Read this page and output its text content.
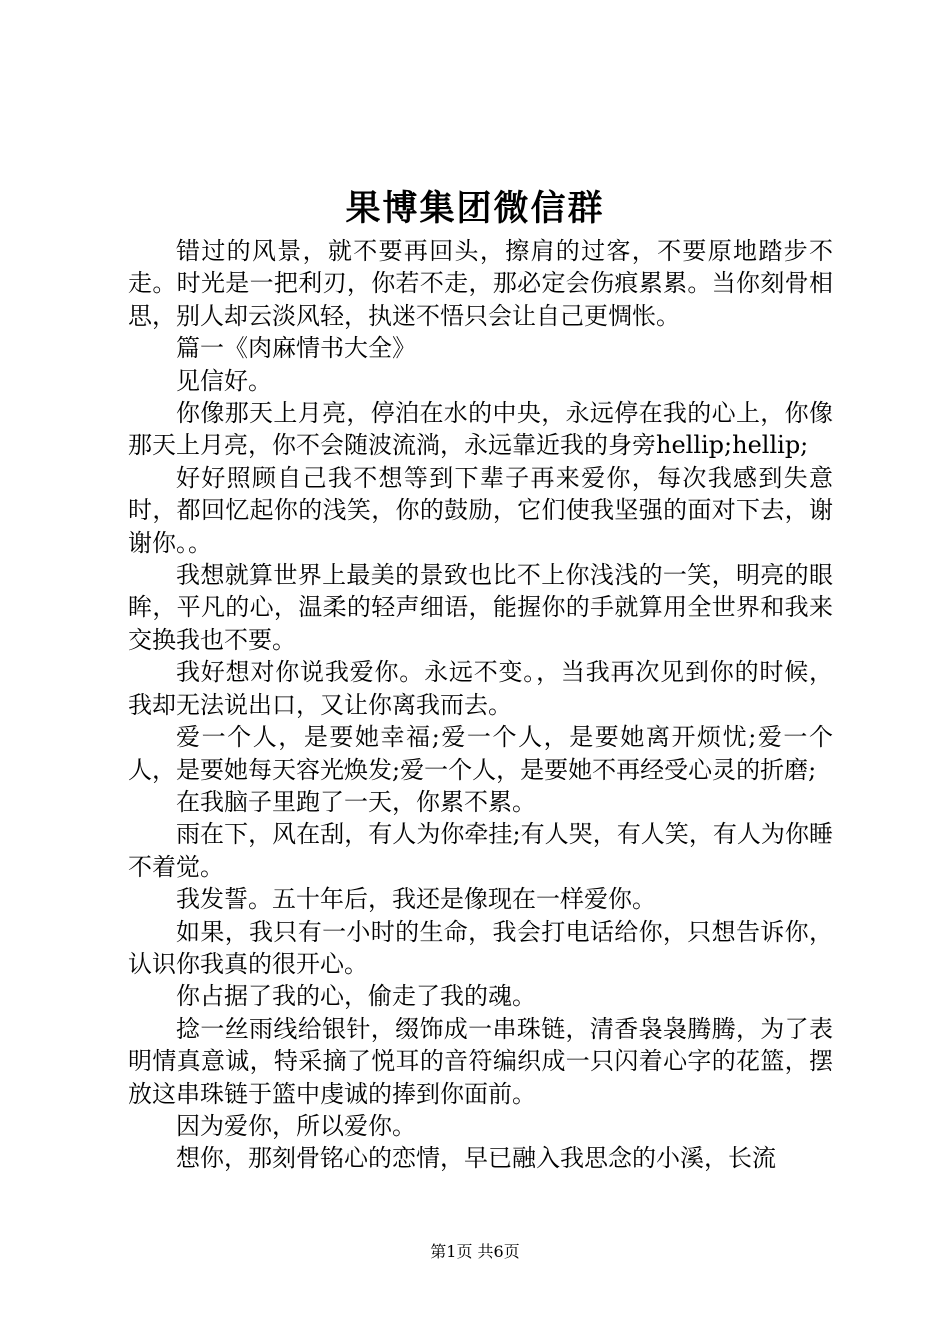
果博集团微信群

错过的风景，就不要再回头，擦肩的过客，不要原地踏步不走。时光是一把利刃，你若不走，那必定会伤痕累累。当你刻骨相思，别人却云淡风轻，执迷不悟只会让自己更惆怅。

篇一《肉麻情书大全》

见信好。

你像那天上月亮，停泊在水的中央，永远停在我的心上，你像那天上月亮，你不会随波流淌，永远靠近我的身旁hellip;hellip;

好好照顾自己我不想等到下辈子再来爱你，每次我感到失意时，都回忆起你的浅笑，你的鼓励，它们使我坚强的面对下去，谢谢你。。

我想就算世界上最美的景致也比不上你浅浅的一笑，明亮的眼眸，平凡的心，温柔的轻声细语，能握你的手就算用全世界和我来交换我也不要。

我好想对你说我爱你。永远不变。，当我再次见到你的时候，我却无法说出口，又让你离我而去。

爱一个人，是要她幸福;爱一个人，是要她离开烦忧;爱一个人，是要她每天容光焕发;爱一个人，是要她不再经受心灵的折磨;

在我脑子里跑了一天，你累不累。

雨在下，风在刮，有人为你牵挂;有人哭，有人笑，有人为你睡不着觉。

我发誓。五十年后，我还是像现在一样爱你。

如果，我只有一小时的生命，我会打电话给你，只想告诉你，认识你我真的很开心。

你占据了我的心，偷走了我的魂。

捻一丝雨线给银针，缀饰成一串珠链，清香袅袅腾腾，为了表明情真意诚，特采摘了悦耳的音符编织成一只闪着心字的花篮，摆放这串珠链于篮中虔诚的捧到你面前。

因为爱你，所以爱你。

想你，那刻骨铭心的恋情，早已融入我思念的小溪，长流

第1页 共6页
